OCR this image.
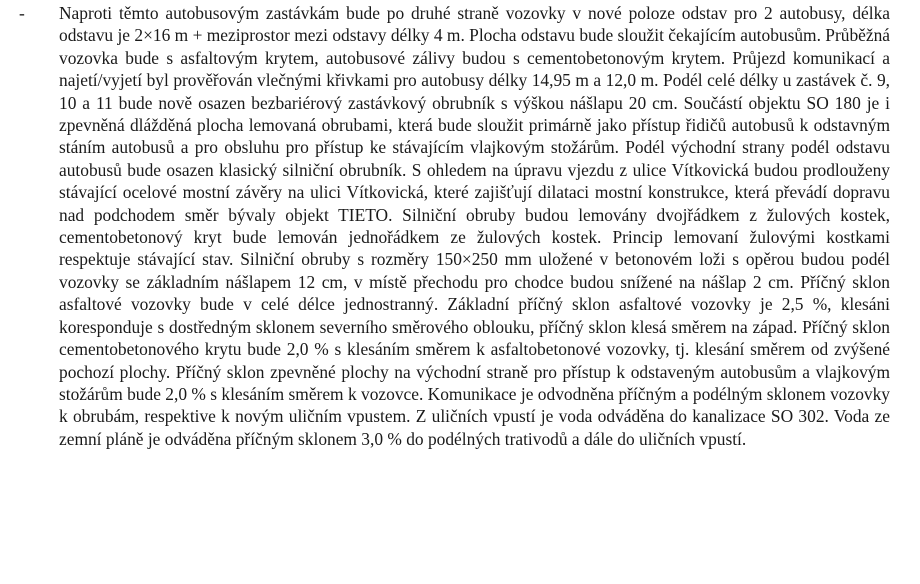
-	Naproti těmto autobusovým zastávkám bude po druhé straně vozovky v nové poloze odstav pro 2 autobusy, délka odstavu je 2×16 m + meziprostor mezi odstavy délky 4 m. Plocha odstavu bude sloužit čekajícím autobusům. Průběžná vozovka bude s asfaltovým krytem, autobusové zálivy budou s cementobetonovým krytem. Průjezd komunikací a najetí/vyjetí byl prověřován vlečnými křivkami pro autobusy délky 14,95 m a 12,0 m. Podél celé délky u zastávek č. 9, 10 a 11 bude nově osazen bezbariérový zastávkový obrubník s výškou nášlapu 20 cm. Součástí objektu SO 180 je i zpevněná dlážděná plocha lemovaná obrubami, která bude sloužit primárně jako přístup řidičů autobusů k odstavným stáním autobusů a pro obsluhu pro přístup ke stávajícím vlajkovým stožárům. Podél východní strany podél odstavu autobusů bude osazen klasický silniční obrubník. S ohledem na úpravu vjezdu z ulice Vítkovická budou prodlouženy stávající ocelové mostní závěry na ulici Vítkovická, které zajišťují dilataci mostní konstrukce, která převádí dopravu nad podchodem směr bývaly objekt TIETO. Silniční obruby budou lemovány dvojřádkem z žulových kostek, cementobetonový kryt bude lemován jednořádkem ze žulových kostek. Princip lemovaní žulovými kostkami respektuje stávající stav. Silniční obruby s rozměry 150×250 mm uložené v betonovém loži s opěrou budou podél vozovky se základním nášlapem 12 cm, v místě přechodu pro chodce budou snížené na nášlap 2 cm. Příčný sklon asfaltové vozovky bude v celé délce jednostranný. Základní příčný sklon asfaltové vozovky je 2,5 %, klesáni koresponduje s dostředným sklonem severního směrového oblouku, příčný sklon klesá směrem na západ. Příčný sklon cementobetonového krytu bude 2,0 % s klesáním směrem k asfaltobetonové vozovky, tj. klesání směrem od zvýšené pochozí plochy. Příčný sklon zpevněné plochy na východní straně pro přístup k odstaveným autobusům a vlajkovým stožárům bude 2,0 % s klesáním směrem k vozovce. Komunikace je odvodněna příčným a podélným sklonem vozovky k obrubám, respektive k novým uličním vpustem. Z uličních vpustí je voda odváděna do kanalizace SO 302. Voda ze zemní pláně je odváděna příčným sklonem 3,0 % do podélných trativodů a dále do uličních vpustí.
